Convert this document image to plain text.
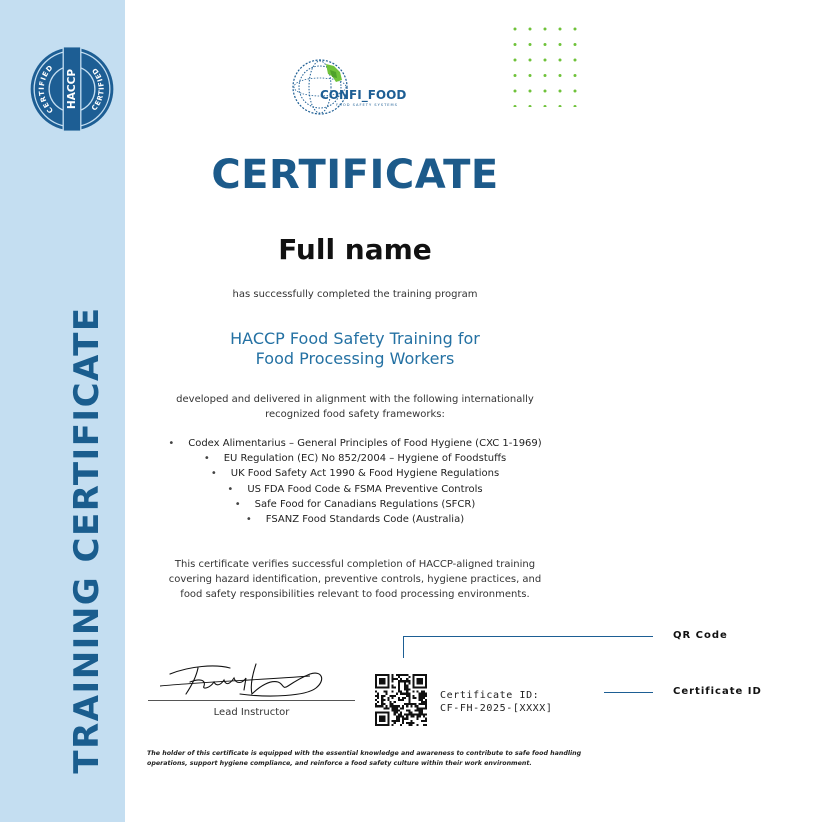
HACCP
CERTIFIED
CERTIFIED
TRAINING CERTIFICATE
CONFI_FOOD
FOOD SAFETY SYSTEMS
CERTIFICATE
Full name
has successfully completed the training program
HACCP Food Safety Training for
Food Processing Workers
developed and delivered in alignment with the following internationally
recognized food safety frameworks:
• Codex Alimentarius – General Principles of Food Hygiene (CXC 1-1969)
• EU Regulation (EC) No 852/2004 – Hygiene of Foodstuffs
• UK Food Safety Act 1990 & Food Hygiene Regulations
• US FDA Food Code & FSMA Preventive Controls
• Safe Food for Canadians Regulations (SFCR)
• FSANZ Food Standards Code (Australia)
This certificate verifies successful completion of HACCP-aligned training
covering hazard identification, preventive controls, hygiene practices, and
food safety responsibilities relevant to food processing environments.
Lead Instructor
Certificate ID:
CF-FH-2025-[XXXX]
QR Code
Certificate ID
The holder of this certificate is equipped with the essential knowledge and awareness to contribute to safe food handling
operations, support hygiene compliance, and reinforce a food safety culture within their work environment.
